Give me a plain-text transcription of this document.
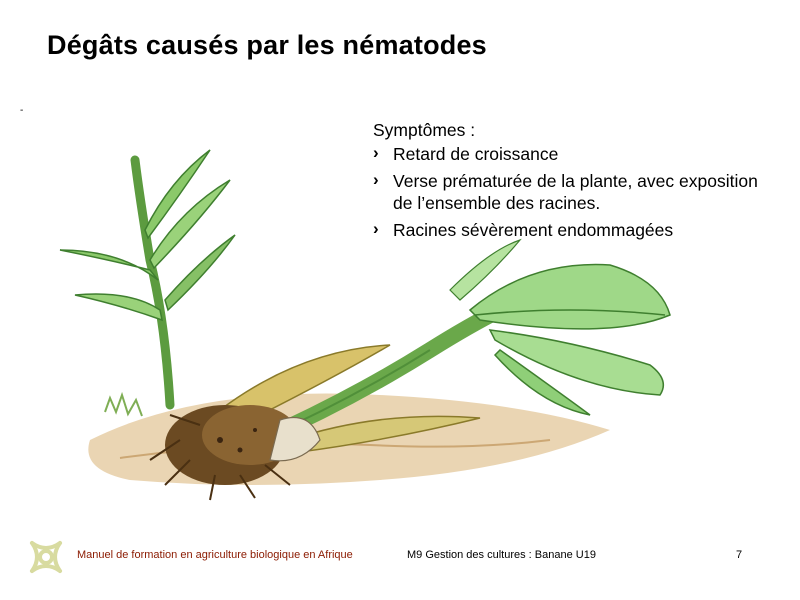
Dégâts causés par les nématodes
-
Symptômes :
› Retard de croissance
› Verse prématurée de la plante, avec exposition de l’ensemble des racines.
› Racines sévèrement endommagées
Manuel de formation en agriculture biologique en Afrique	M9 Gestion des cultures : Banane U19	7
